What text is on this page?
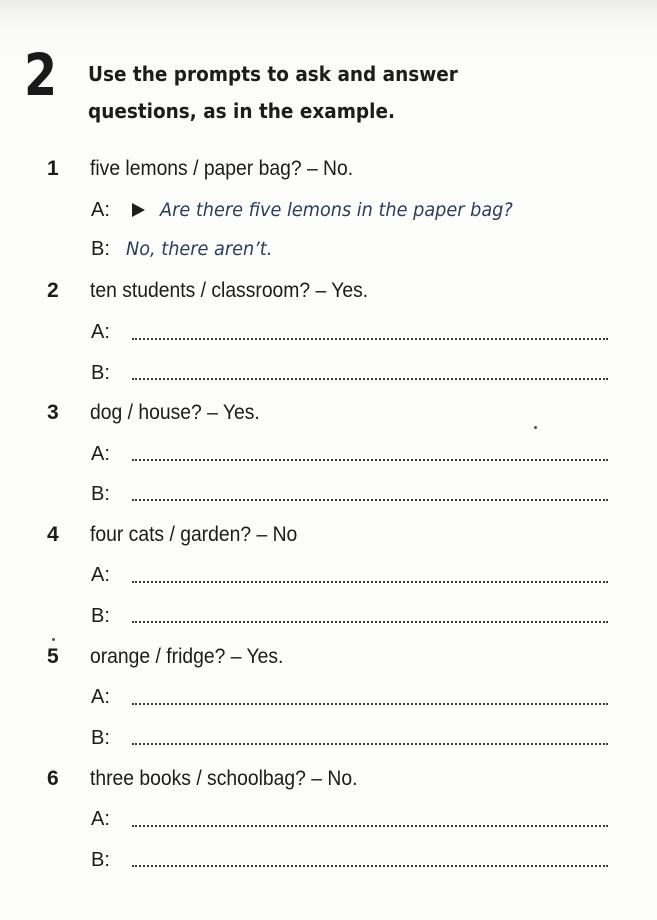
2 Use the prompts to ask and answer questions, as in the example.
1 five lemons / paper bag? – No.
A:	Are there five lemons in the paper bag?
B: No, there aren’t.
2 ten students / classroom? – Yes.
A:
B:
3 dog / house? – Yes.
A:
B:
4 four cats / garden? – No
A:
B:
5 orange / fridge? – Yes.
A:
B:
6 three books / schoolbag? – No.
A:
B:
